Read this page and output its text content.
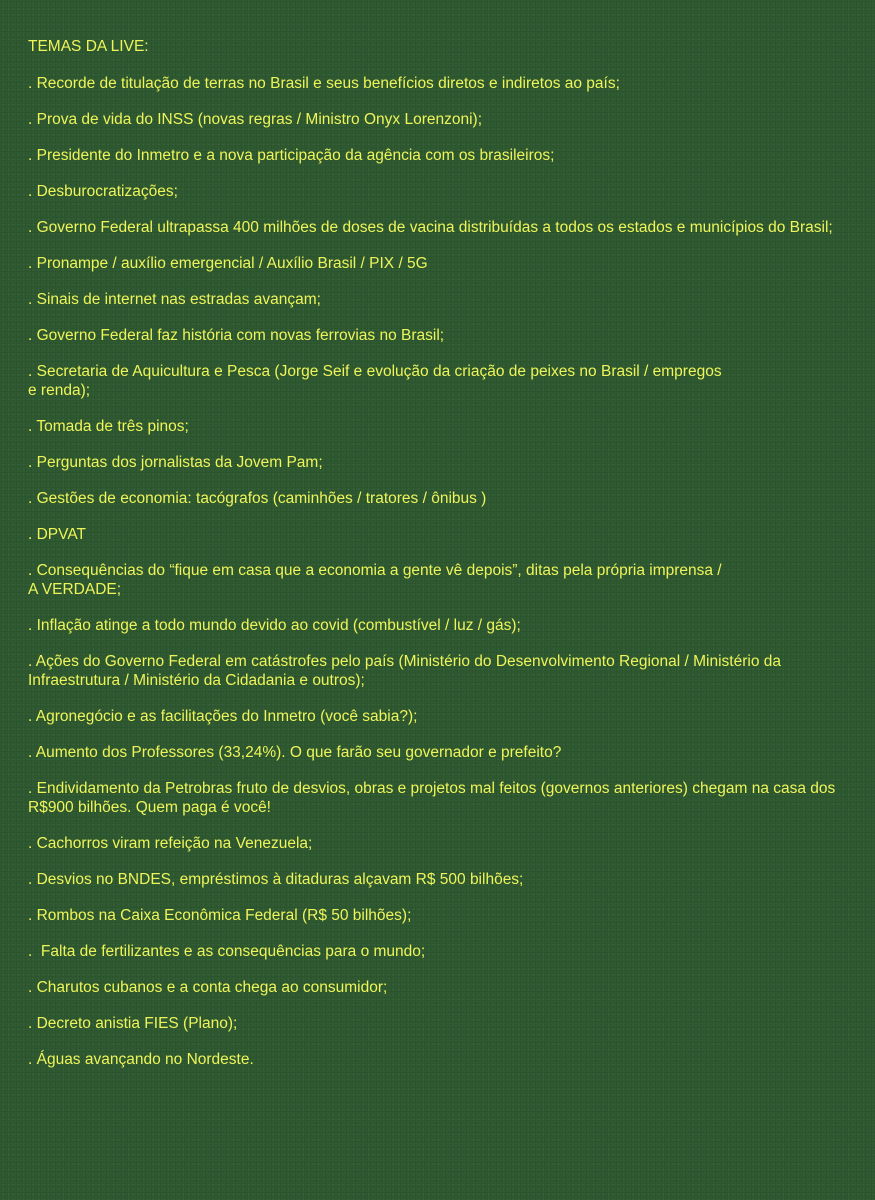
TEMAS DA LIVE:
. Recorde de titulação de terras no Brasil e seus benefícios diretos e indiretos ao país;
. Prova de vida do INSS (novas regras / Ministro Onyx Lorenzoni);
. Presidente do Inmetro e a nova participação da agência com os brasileiros;
. Desburocratizações;
. Governo Federal ultrapassa 400 milhões de doses de vacina distribuídas a todos os estados e municípios do Brasil;
. Pronampe / auxílio emergencial / Auxílio Brasil / PIX / 5G
. Sinais de internet nas estradas avançam;
. Governo Federal faz história com novas ferrovias no Brasil;
. Secretaria de Aquicultura e Pesca (Jorge Seif e evolução da criação de peixes no Brasil / empregos
e renda);
. Tomada de três pinos;
. Perguntas dos jornalistas da Jovem Pam;
. Gestões de economia: tacógrafos (caminhões / tratores / ônibus )
. DPVAT
. Consequências do “fique em casa que a economia a gente vê depois”, ditas pela própria imprensa /
A VERDADE;
. Inflação atinge a todo mundo devido ao covid (combustível / luz / gás);
. Ações do Governo Federal em catástrofes pelo país (Ministério do Desenvolvimento Regional / Ministério da Infraestrutura / Ministério da Cidadania e outros);
. Agronegócio e as facilitações do Inmetro (você sabia?);
. Aumento dos Professores (33,24%). O que farão seu governador e prefeito?
. Endividamento da Petrobras fruto de desvios, obras e projetos mal feitos (governos anteriores) chegam na casa dos R$900 bilhões. Quem paga é você!
. Cachorros viram refeição na Venezuela;
. Desvios no BNDES, empréstimos à ditaduras alçavam R$ 500 bilhões;
. Rombos na Caixa Econômica Federal (R$ 50 bilhões);
.  Falta de fertilizantes e as consequências para o mundo;
. Charutos cubanos e a conta chega ao consumidor;
. Decreto anistia FIES (Plano);
. Águas avançando no Nordeste.
